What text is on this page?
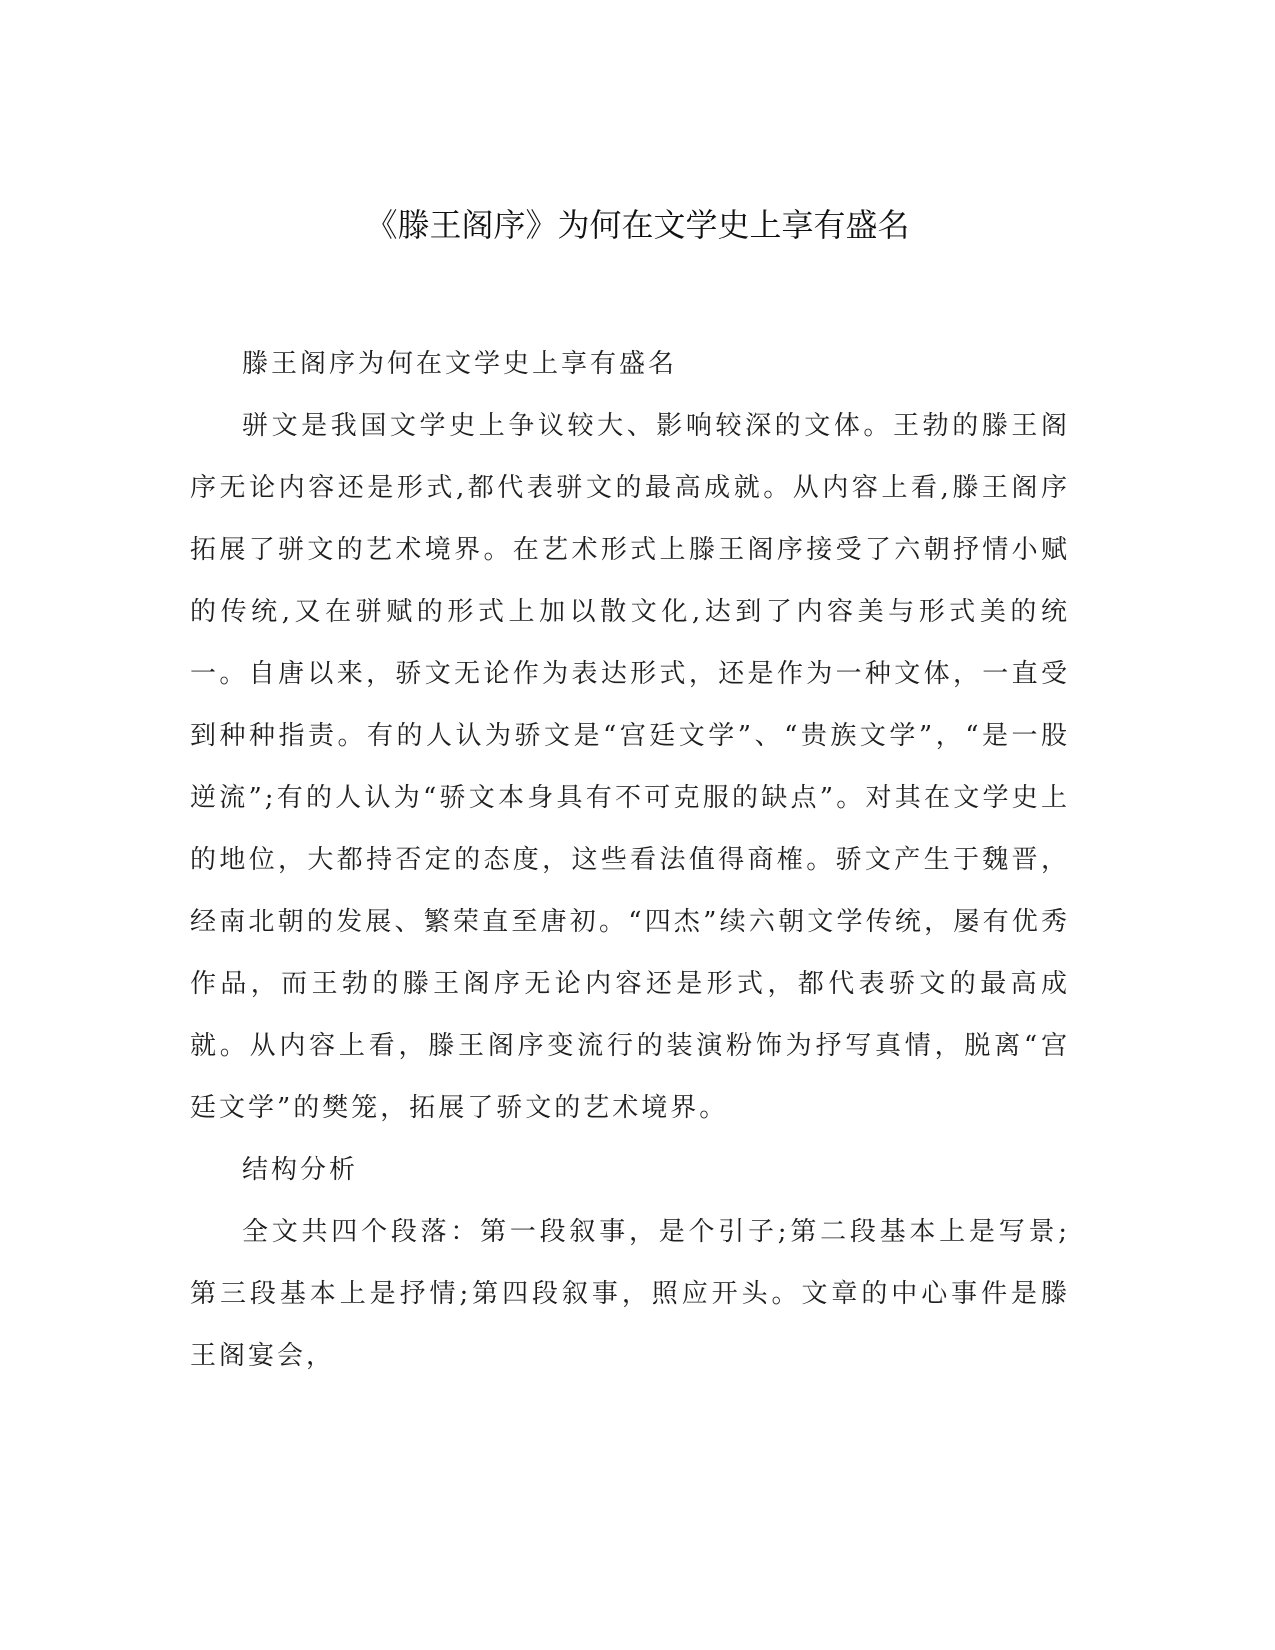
《滕王阁序》为何在文学史上享有盛名

滕王阁序为何在文学史上享有盛名

骈文是我国文学史上争议较大、影响较深的文体。王勃的滕王阁序无论内容还是形式,都代表骈文的最高成就。从内容上看,滕王阁序拓展了骈文的艺术境界。在艺术形式上滕王阁序接受了六朝抒情小赋的传统,又在骈赋的形式上加以散文化,达到了内容美与形式美的统一。自唐以来，骄文无论作为表达形式，还是作为一种文体，一直受到种种指责。有的人认为骄文是“宫廷文学”、“贵族文学”，“是一股逆流”;有的人认为“骄文本身具有不可克服的缺点”。对其在文学史上的地位，大都持否定的态度，这些看法值得商榷。骄文产生于魏晋，经南北朝的发展、繁荣直至唐初。“四杰”续六朝文学传统，屡有优秀作品，而王勃的滕王阁序无论内容还是形式，都代表骄文的最高成就。从内容上看，滕王阁序变流行的装演粉饰为抒写真情，脱离“宫廷文学”的樊笼，拓展了骄文的艺术境界。

结构分析

全文共四个段落：第一段叙事，是个引子;第二段基本上是写景;第三段基本上是抒情;第四段叙事，照应开头。文章的中心事件是滕王阁宴会，
